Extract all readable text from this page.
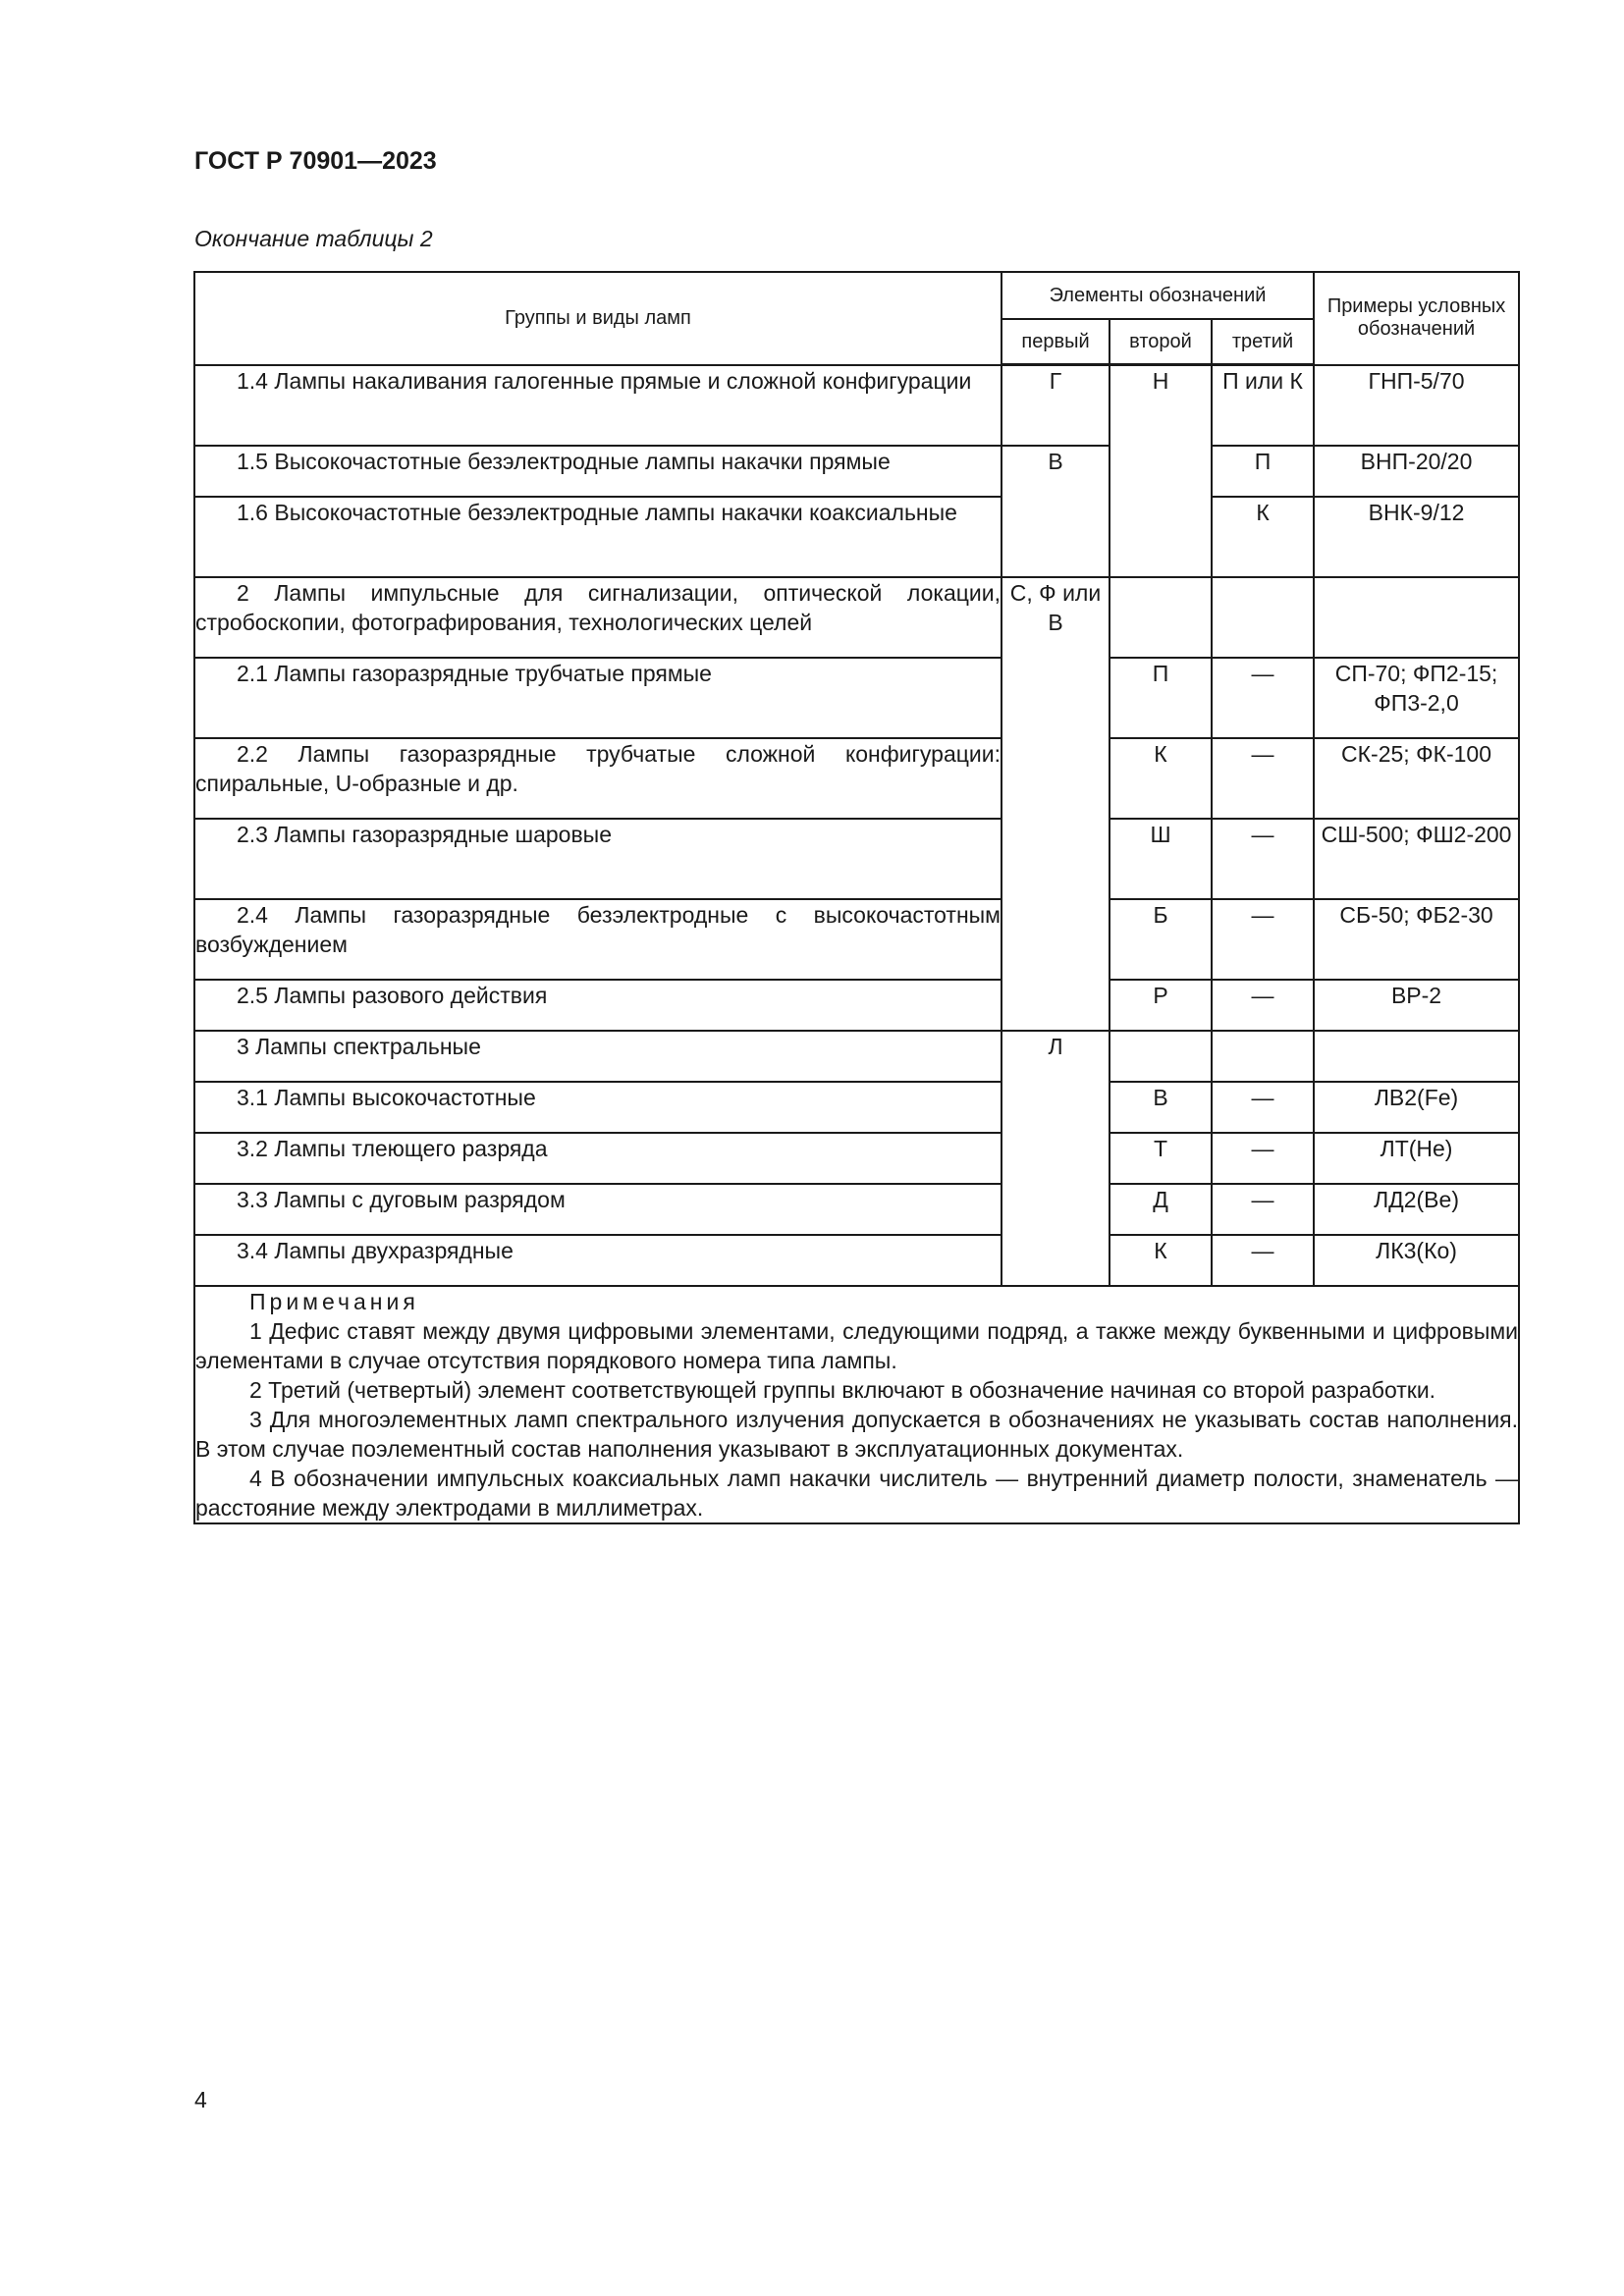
ГОСТ Р 70901—2023
Окончание таблицы 2
Группы и виды ламп	Элементы обозначений			Примеры условных обозначений
	первый	второй	третий	

1.4 Лампы накаливания галогенные прямые и сложной конфигурации	Г	Н	П или К	ГНП-5/70

1.5 Высокочастотные безэлектродные лампы накачки прямые	В		П	ВНП-20/20

1.6 Высокочастотные безэлектродные лампы накачки коаксиальные			К	ВНК-9/12

2 Лампы импульсные для сигнализации, оптической локации, стробоскопии, фотографирования, технологических целей	С, Ф или В			

2.1 Лампы газоразрядные трубчатые прямые		П	—	СП-70; ФП2-15; ФП3-2,0

2.2 Лампы газоразрядные трубчатые сложной конфигурации: спиральные, U-образные и др.		К	—	СК-25; ФК-100

2.3 Лампы газоразрядные шаровые		Ш	—	СШ-500; ФШ2-200

2.4 Лампы газоразрядные безэлектродные с высокочастотным возбуждением		Б	—	СБ-50; ФБ2-30

2.5 Лампы разового действия		Р	—	ВР-2

3 Лампы спектральные	Л			

3.1 Лампы высокочастотные		В	—	ЛВ2(Fe)

3.2 Лампы тлеющего разряда		Т	—	ЛТ(Не)

3.3 Лампы с дуговым разрядом		Д	—	ЛД2(Be)

3.4 Лампы двухразрядные		К	—	ЛК3(Ко)

Примечания
1 Дефис ставят между двумя цифровыми элементами, следующими подряд, а также между буквенными и цифровыми элементами в случае отсутствия порядкового номера типа лампы.
2 Третий (четвертый) элемент соответствующей группы включают в обозначение начиная со второй разработки.
3 Для многоэлементных ламп спектрального излучения допускается в обозначениях не указывать состав наполнения. В этом случае поэлементный состав наполнения указывают в эксплуатационных документах.
4 В обозначении импульсных коаксиальных ламп накачки числитель — внутренний диаметр полости, знаменатель — расстояние между электродами в миллиметрах.				
4
